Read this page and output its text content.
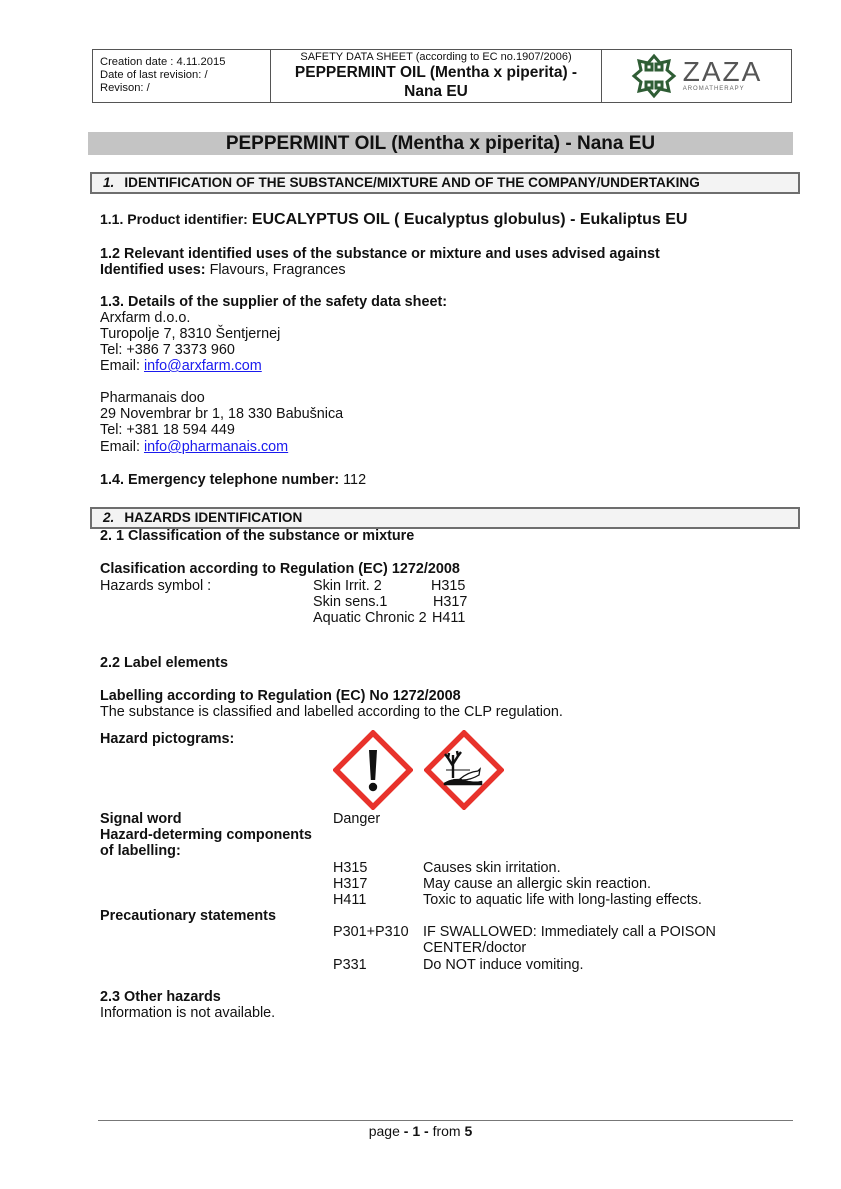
Creation date : 4.11.2015
Date of last revision: /
Revison: /
SAFETY DATA SHEET (according to EC no.1907/2006)
PEPPERMINT OIL (Mentha x piperita) -
Nana EU
ZAZA
AROMATHERAPY
PEPPERMINT OIL (Mentha x piperita) - Nana EU
1. IDENTIFICATION OF THE SUBSTANCE/MIXTURE AND OF THE COMPANY/UNDERTAKING
1.1. Product identifier: EUCALYPTUS OIL ( Eucalyptus globulus) - Eukaliptus EU
1.2 Relevant identified uses of the substance or mixture and uses advised against
Identified uses: Flavours, Fragrances
1.3. Details of the supplier of the safety data sheet:
Arxfarm d.o.o.
Turopolje 7, 8310 Šentjernej
Tel: +386 7 3373 960
Email: info@arxfarm.com
Pharmanais doo
29 Novembrar br 1, 18 330 Babušnica
Tel: +381 18 594 449
Email: info@pharmanais.com
1.4. Emergency telephone number: 112
2. HAZARDS IDENTIFICATION
2. 1 Classification of the substance or mixture
Clasification according to Regulation (EC) 1272/2008
Hazards symbol :	Skin Irrit. 2	H315
Skin sens.1	H317
Aquatic Chronic 2 H411
2.2 Label elements
Labelling according to Regulation (EC) No 1272/2008
The substance is classified and labelled according to the CLP regulation.
Hazard pictograms:
Signal word	Danger
Hazard-determing components
of labelling:
H315	Causes skin irritation.
H317	May cause an allergic skin reaction.
H411	Toxic to aquatic life with long-lasting effects.
Precautionary statements
P301+P310 IF SWALLOWED: Immediately call a POISON
CENTER/doctor
P331	Do NOT induce vomiting.
2.3 Other hazards
Information is not available.
page - 1 - from 5
